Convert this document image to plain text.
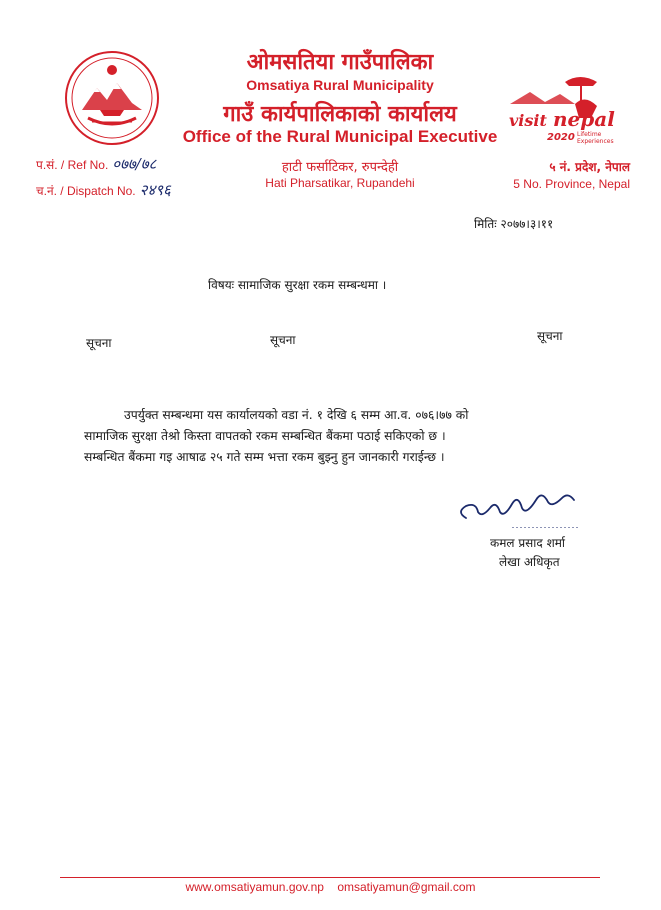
ओमसतिया गाउँपालिका
Omsatiya Rural Municipality
गाउँ कार्यपालिकाको कार्यालय
Office of the Rural Municipal Executive
हाटी फर्साटिकर, रुपन्देही
Hati Pharsatikar, Rupandehi
visit nepal
2020 Lifetime
Experiences
प.सं. / Ref No. ०७७/७८
च.नं. / Dispatch No. २४९६
५ नं. प्रदेश, नेपाल
5 No. Province, Nepal
मितिः २०७७।३।११
विषयः सामाजिक सुरक्षा रकम सम्बन्धमा ।
सूचना	सूचना	सूचना

उपर्युक्त सम्बन्धमा यस कार्यालयको वडा नं. १ देखि ६ सम्म आ.व. ०७६।७७ को

सामाजिक सुरक्षा तेश्रो किस्ता वापतको रकम सम्बन्धित बैंकमा पठाई सकिएको छ ।

सम्बन्धित बैंकमा गइ आषाढ २५ गते सम्म भत्ता रकम बुझ्नु हुन जानकारी गराईन्छ ।

कमल प्रसाद शर्मा
लेखा अधिकृत
www.omsatiyamun.gov.np omsatiyamun@gmail.com
